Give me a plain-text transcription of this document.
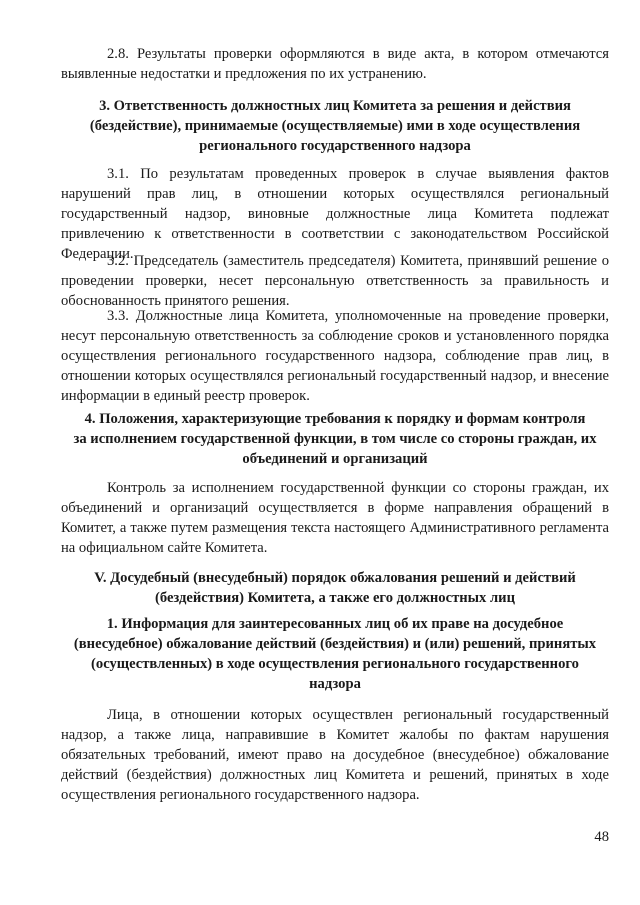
2.8. Результаты проверки оформляются в виде акта, в котором отмечаются выявленные недостатки и предложения по их устранению.

3. Ответственность должностных лиц Комитета за решения и действия
(бездействие), принимаемые (осуществляемые) ими в ходе осуществления
регионального государственного надзора

3.1. По результатам проведенных проверок в случае выявления фактов нарушений прав лиц, в отношении которых осуществлялся региональный государственный надзор, виновные должностные лица Комитета подлежат привлечению к ответственности в соответствии с законодательством Российской Федерации.

3.2. Председатель (заместитель председателя) Комитета, принявший решение о проведении проверки, несет персональную ответственность за правильность и обоснованность принятого решения.

3.3. Должностные лица Комитета, уполномоченные на проведение проверки, несут персональную ответственность за соблюдение сроков и установленного порядка осуществления регионального государственного надзора, соблюдение прав лиц, в отношении которых осуществлялся региональный государственный надзор, и внесение информации в единый реестр проверок.

4. Положения, характеризующие требования к порядку и формам контроля
за исполнением государственной функции, в том числе со стороны граждан, их
объединений и организаций

Контроль за исполнением государственной функции со стороны граждан, их объединений и организаций осуществляется в форме направления обращений в Комитет, а также путем размещения текста настоящего Административного регламента на официальном сайте Комитета.

V. Досудебный (внесудебный) порядок обжалования решений и действий
(бездействия) Комитета, а также его должностных лиц
1. Информация для заинтересованных лиц об их праве на досудебное
(внесудебное) обжалование действий (бездействия) и (или) решений, принятых
(осуществленных) в ходе осуществления регионального государственного
надзора

Лица, в отношении которых осуществлен региональный государственный надзор, а также лица, направившие в Комитет жалобы по фактам нарушения обязательных требований, имеют право на досудебное (внесудебное) обжалование действий (бездействия) должностных лиц Комитета и решений, принятых в ходе осуществления регионального государственного надзора.

48
